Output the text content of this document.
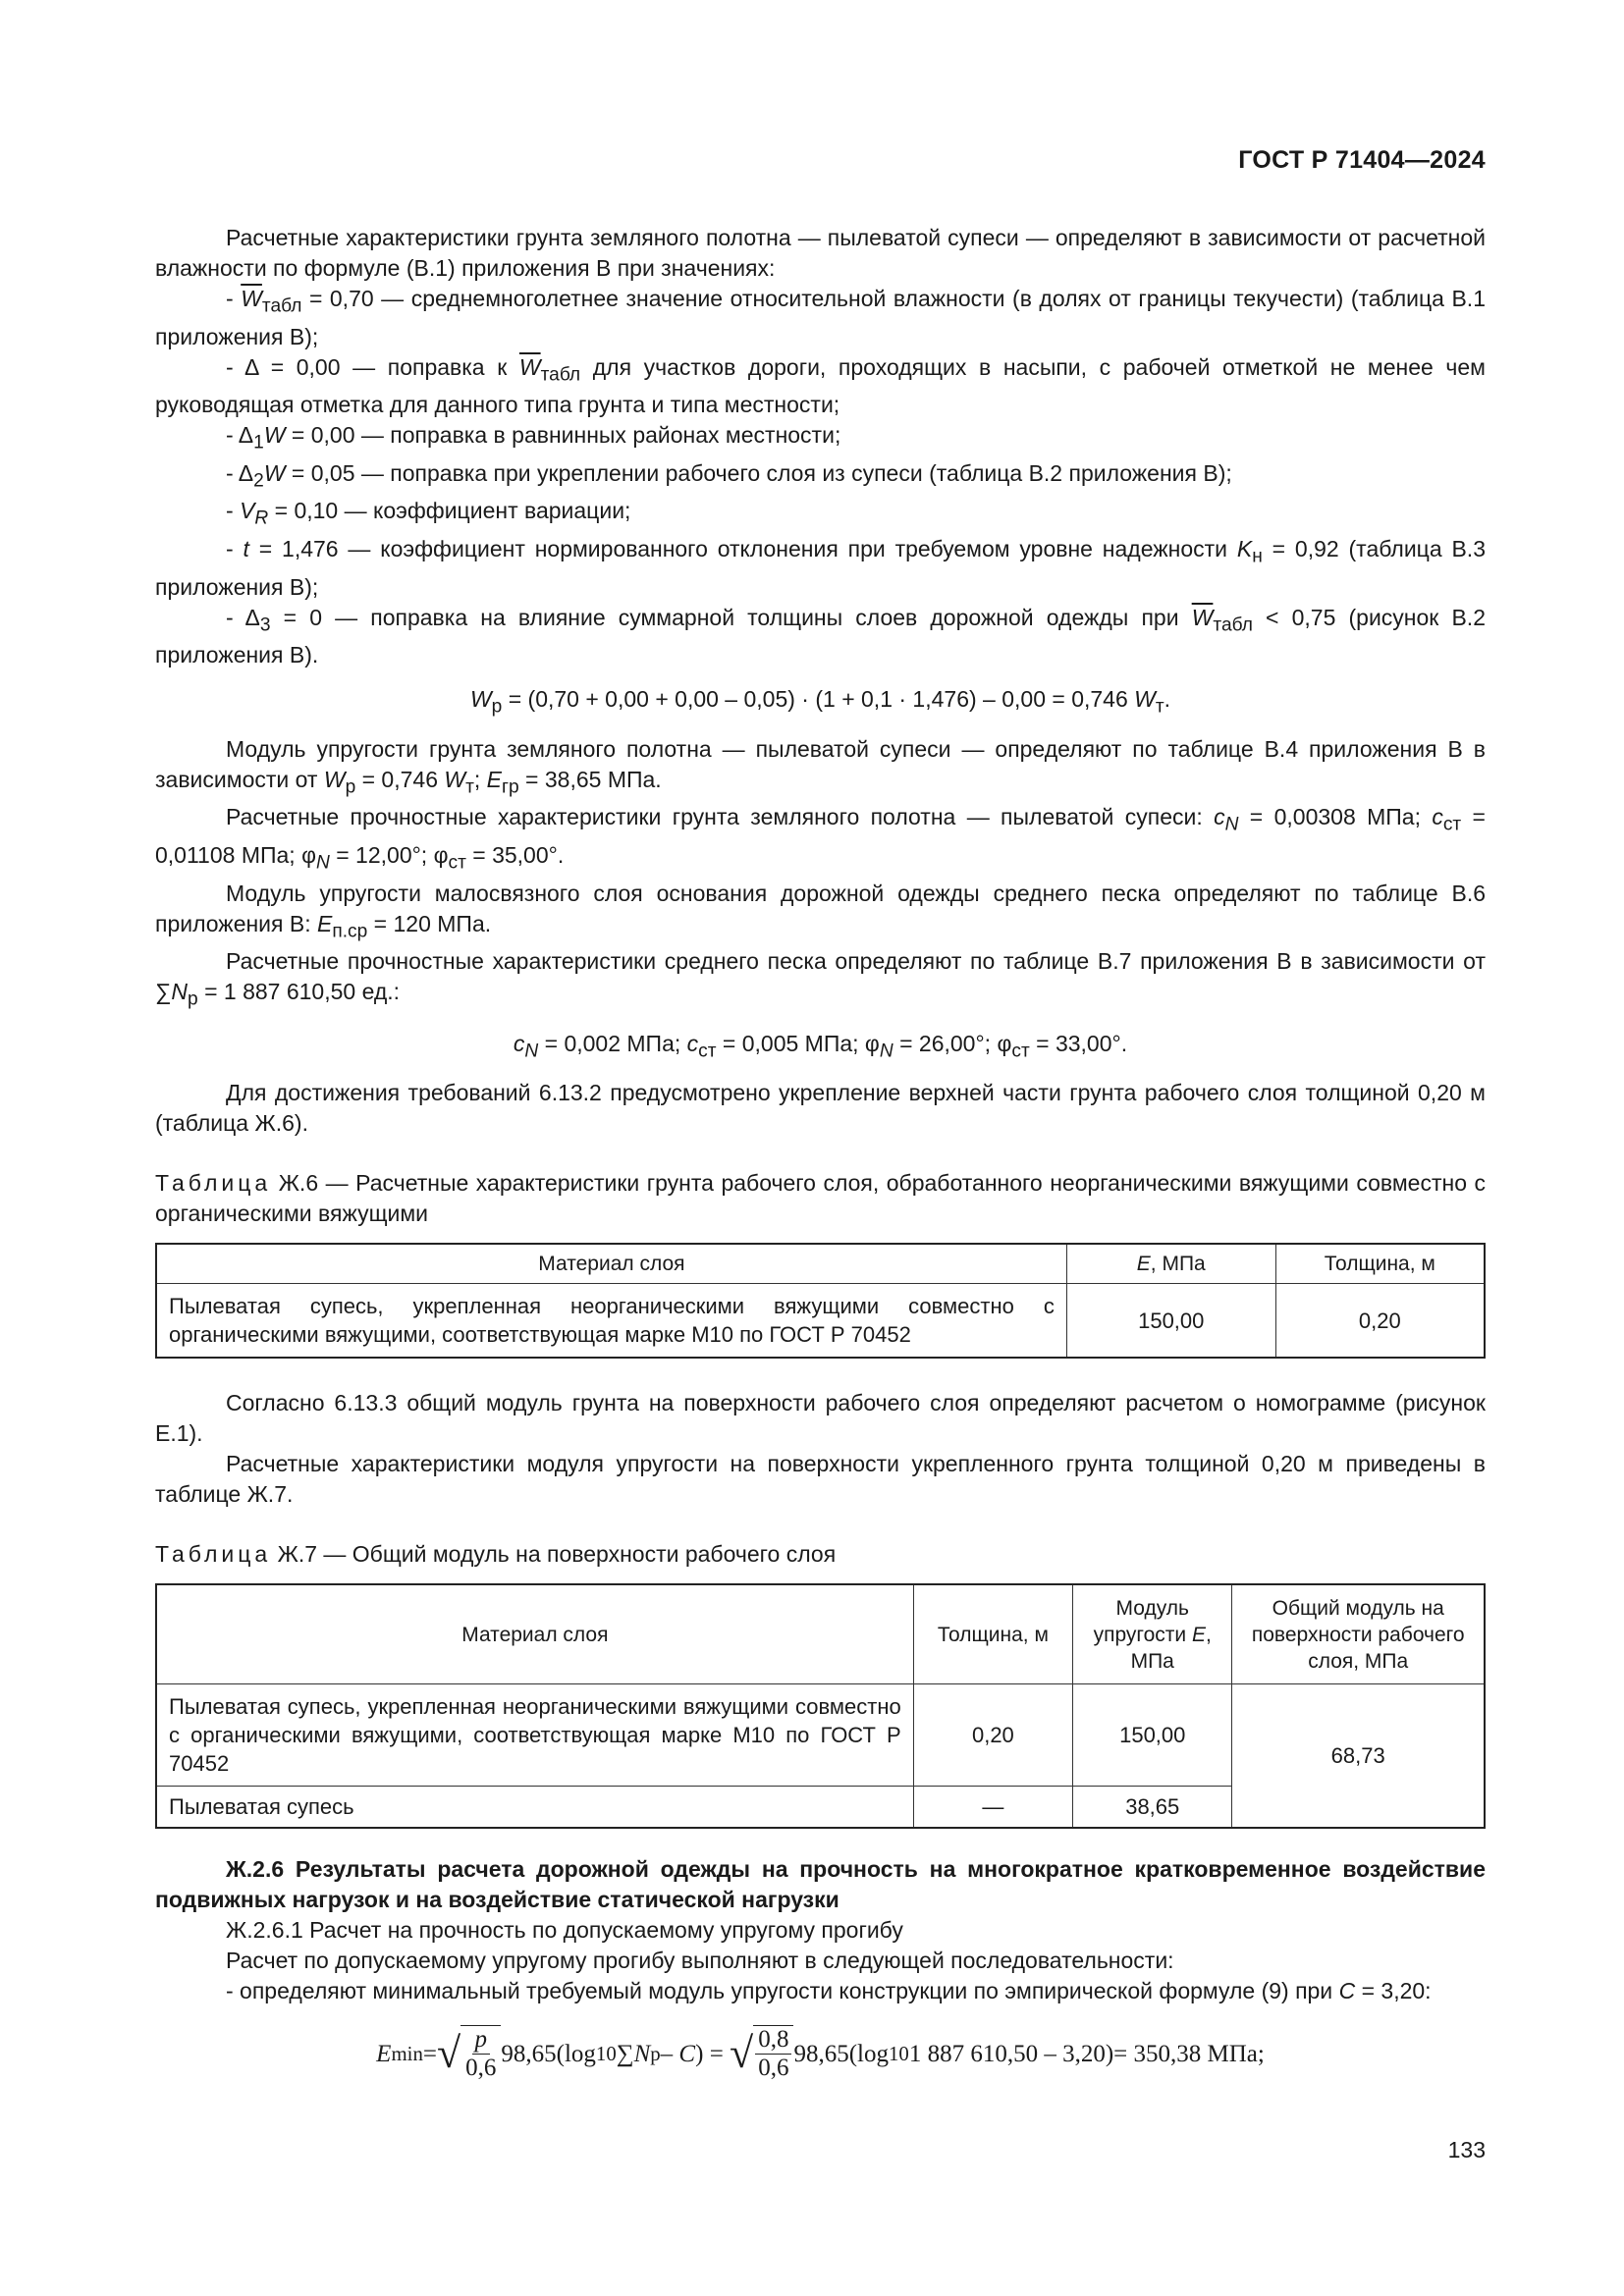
ГОСТ Р 71404—2024

Расчетные характеристики грунта земляного полотна — пылеватой супеси — определяют в зависимости от расчетной влажности по формуле (В.1) приложения В при значениях:

- $\overline{W}_{табл} = 0,70$ — среднемноголетнее значение относительной влажности (в долях от границы текучести) (таблица В.1 приложения В);

- Δ = 0,00 — поправка к $\overline{W}_{табл}$ для участков дороги, проходящих в насыпи, с рабочей отметкой не менее чем руководящая отметка для данного типа грунта и типа местности;

- $\Delta_1W = 0,00$ — поправка в равнинных районах местности;

- $\Delta_2W = 0,05$ — поправка при укреплении рабочего слоя из супеси (таблица В.2 приложения В);

- $V_R = 0,10$ — коэффициент вариации;

- t = 1,476 — коэффициент нормированного отклонения при требуемом уровне надежности $K_н = 0,92$ (таблица В.3 приложения В);

- $\Delta_3 = 0$ — поправка на влияние суммарной толщины слоев дорожной одежды при $\overline{W}_{табл} < 0,75$ (рисунок В.2 приложения В).

$W_р = (0,70 + 0,00 + 0,00 - 0,05) \cdot (1 + 0,1 \cdot 1,476) - 0,00 = 0,746$ $W_т$.

Модуль упругости грунта земляного полотна — пылеватой супеси — определяют по таблице В.4 приложения В в зависимости от $W_р = 0,746$ $W_т$; $E_{гр} = 38,65$ МПа.

Расчетные прочностные характеристики грунта земляного полотна — пылеватой супеси: $c_N = 0,00308$ МПа; $c_{ст} = 0,01108$ МПа; $\varphi_N = 12,00^\circ$; $\varphi_{ст} = 35,00^\circ$.

Модуль упругости малосвязного слоя основания дорожной одежды среднего песка определяют по таблице В.6 приложения В: $E_{п.ср} = 120$ МПа.

Расчетные прочностные характеристики среднего песка определяют по таблице В.7 приложения В в зависимости от $\sum N_р = 1$ 887 610,50 ед.:

$c_N = 0,002$ МПа; $c_{ст} = 0,005$ МПа; $\varphi_N = 26,00^\circ$; $\varphi_{ст} = 33,00^\circ$.

Для достижения требований 6.13.2 предусмотрено укрепление верхней части грунта рабочего слоя толщиной 0,20 м (таблица Ж.6).

Таблица Ж.6 — Расчетные характеристики грунта рабочего слоя, обработанного неорганическими вяжущими совместно с органическими вяжущими

Материал слоя	E, МПа	Толщина, м
Пылеватая супесь, укрепленная неорганическими вяжущими совместно с органическими вяжущими, соответствующая марке М10 по ГОСТ Р 70452	150,00	0,20

Согласно 6.13.3 общий модуль грунта на поверхности рабочего слоя определяют расчетом о номограмме (рисунок Е.1).

Расчетные характеристики модуля упругости на поверхности укрепленного грунта толщиной 0,20 м приведены в таблице Ж.7.

Таблица Ж.7 — Общий модуль на поверхности рабочего слоя

Материал слоя	Толщина, м	Модуль упругости E, МПа	Общий модуль на поверхности рабочего слоя, МПа
Пылеватая супесь, укрепленная неорганическими вяжущими совместно с органическими вяжущими, соответствующая марке М10 по ГОСТ Р 70452	0,20	150,00	68,73
Пылеватая супесь	—	38,65	

Ж.2.6 Результаты расчета дорожной одежды на прочность на многократное кратковременное воздействие подвижных нагрузок и на воздействие статической нагрузки

Ж.2.6.1 Расчет на прочность по допускаемому упругому прогибу

Расчет по допускаемому упругому прогибу выполняют в следующей последовательности:

- определяют минимальный требуемый модуль упругости конструкции по эмпирической формуле (9) при C = 3,20:

E min = √ $\frac{p}{0,6} 98,65$ ( log 10 ∑ N р – C ) = √ $\frac{0,8}{0,6} 98,65$ ( log 10 1 887 610,50 – 3,20 ) = 350,38 МПа;
133
